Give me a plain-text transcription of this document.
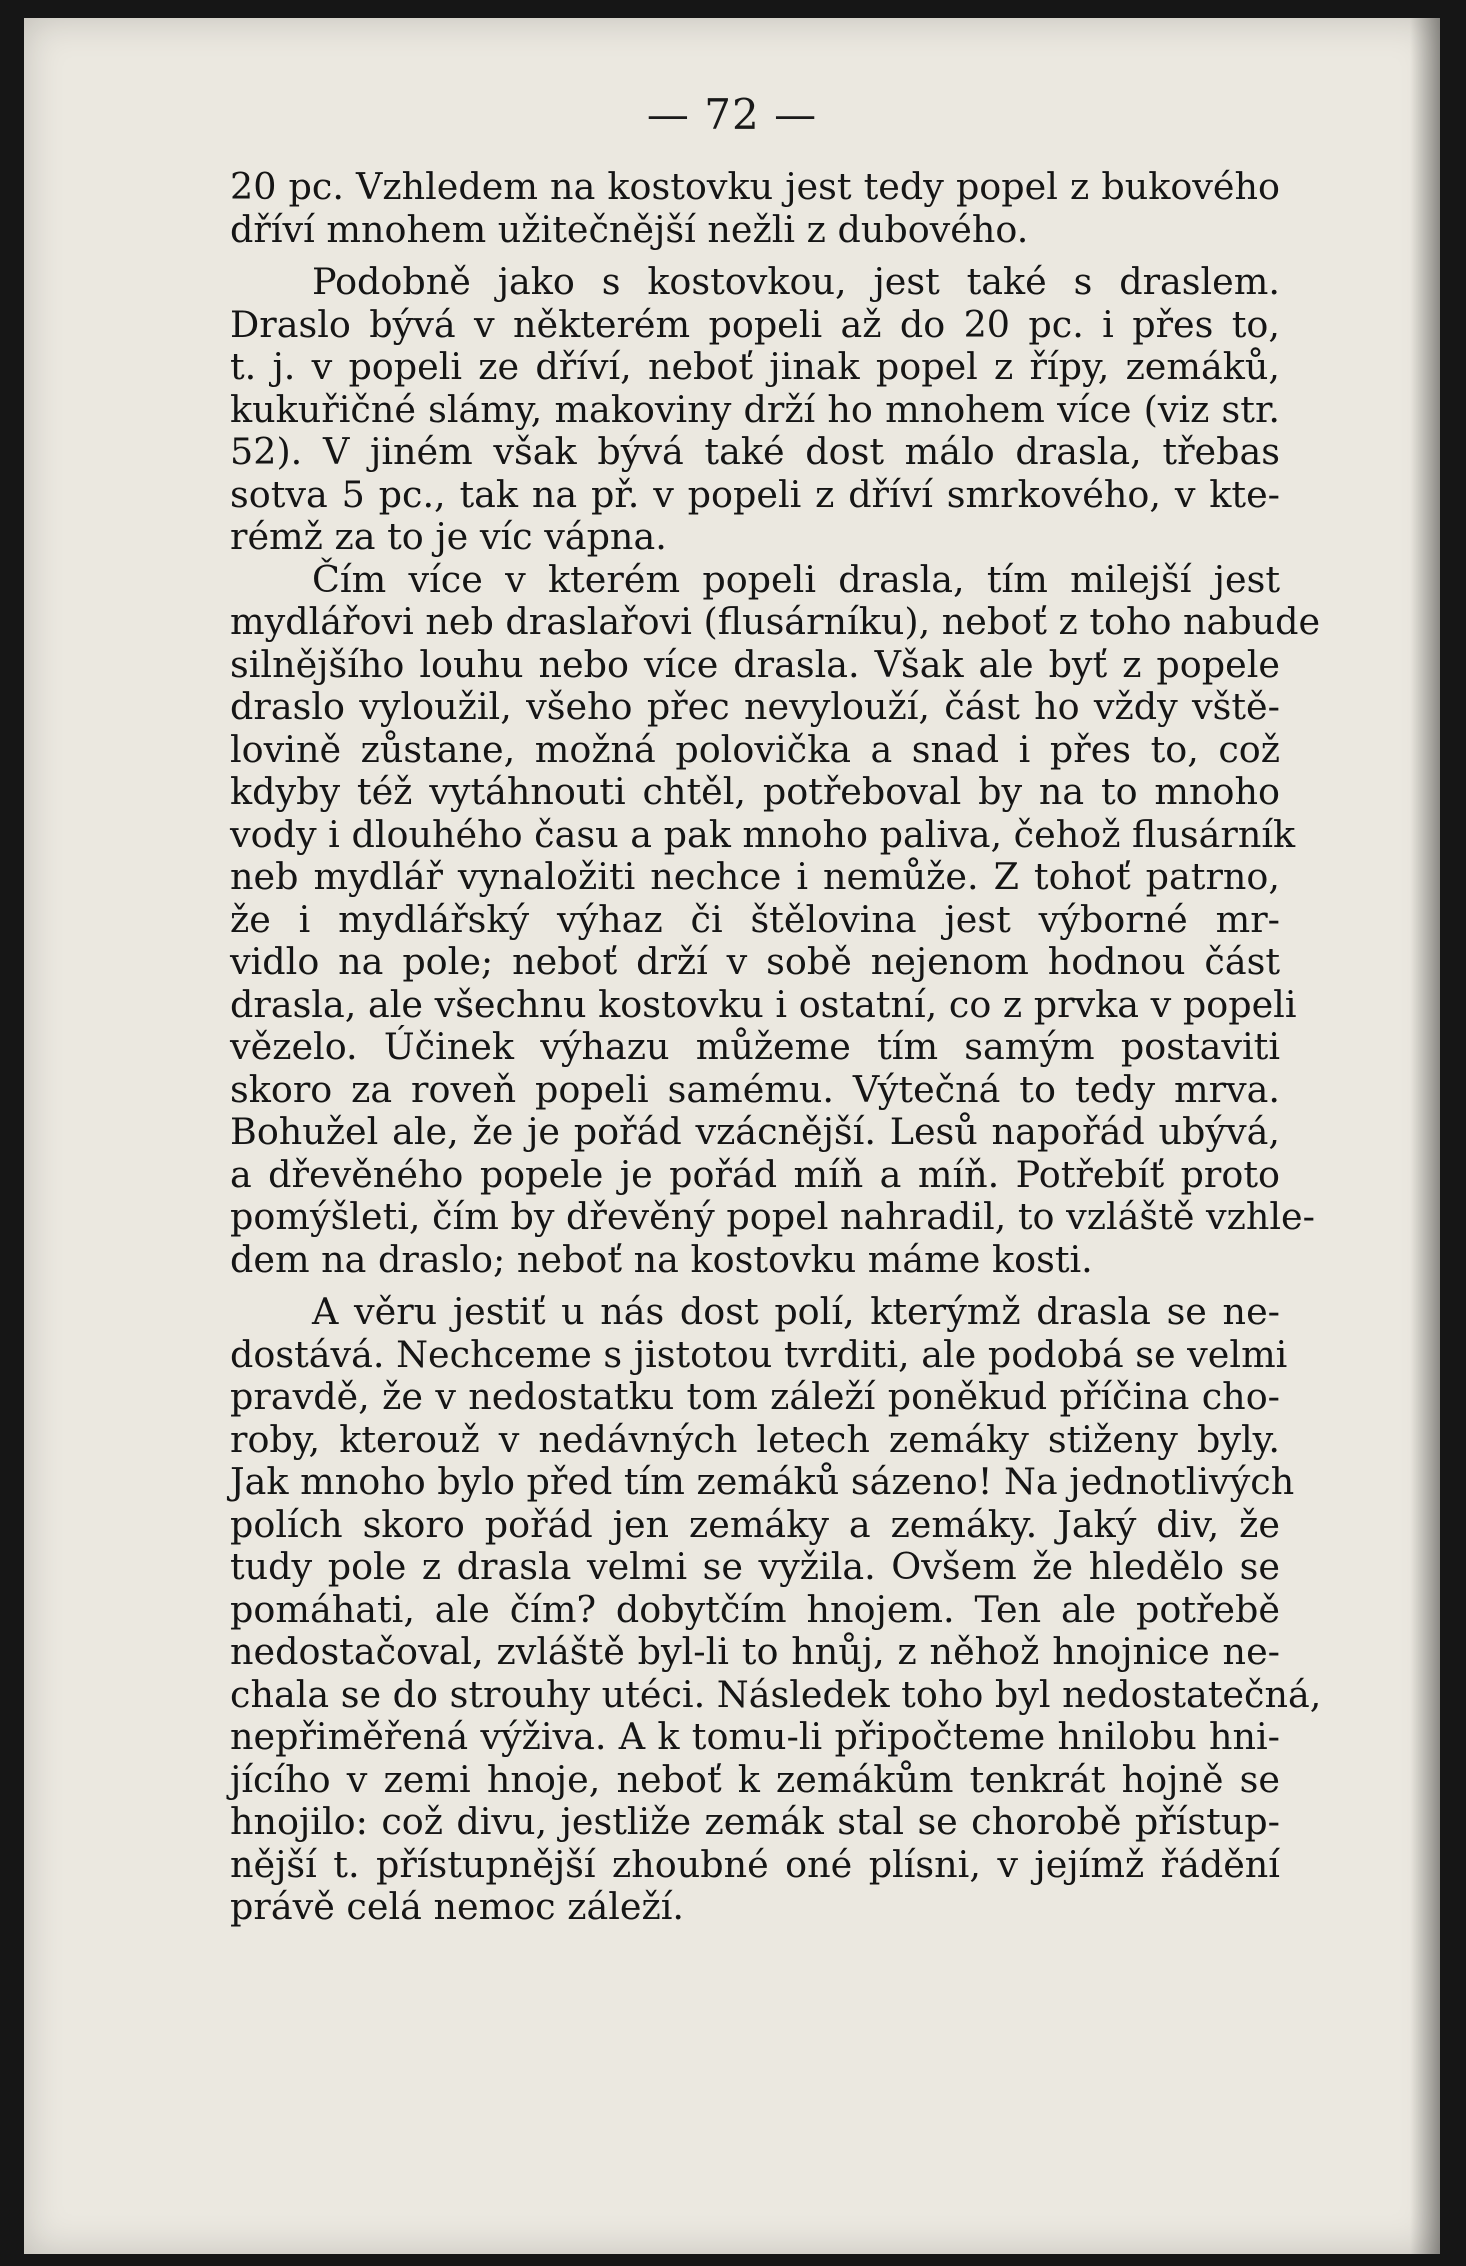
— 72 —
20 pc. Vzhledem na kostovku jest tedy popel z bukového
dříví mnohem užitečnější nežli z dubového.
Podobně jako s kostovkou, jest také s draslem.
Draslo bývá v některém popeli až do 20 pc. i přes to,
t. j. v popeli ze dříví, neboť jinak popel z řípy, zemáků,
kukuřičné slámy, makoviny drží ho mnohem více (viz str.
52). V jiném však bývá také dost málo drasla, třebas
sotva 5 pc., tak na př. v popeli z dříví smrkového, v kte-
rémž za to je víc vápna.
Čím více v kterém popeli drasla, tím milejší jest
mydlářovi neb draslařovi (flusárníku), neboť z toho nabude
silnějšího louhu nebo více drasla. Však ale byť z popele
draslo vyloužil, všeho přec nevylouží, část ho vždy vště-
lovině zůstane, možná polovička a snad i přes to, což
kdyby též vytáhnouti chtěl, potřeboval by na to mnoho
vody i dlouhého času a pak mnoho paliva, čehož flusárník
neb mydlář vynaložiti nechce i nemůže. Z tohoť patrno,
že i mydlářský výhaz či štělovina jest výborné mr-
vidlo na pole; neboť drží v sobě nejenom hodnou část
drasla, ale všechnu kostovku i ostatní, co z prvka v popeli
vězelo. Účinek výhazu můžeme tím samým postaviti
skoro za roveň popeli samému. Výtečná to tedy mrva.
Bohužel ale, že je pořád vzácnější. Lesů napořád ubývá,
a dřevěného popele je pořád míň a míň. Potřebíť proto
pomýšleti, čím by dřevěný popel nahradil, to vzláště vzhle-
dem na draslo; neboť na kostovku máme kosti.
A věru jestiť u nás dost polí, kterýmž drasla se ne-
dostává. Nechceme s jistotou tvrditi, ale podobá se velmi
pravdě, že v nedostatku tom záleží poněkud příčina cho-
roby, kterouž v nedávných letech zemáky stiženy byly.
Jak mnoho bylo před tím zemáků sázeno! Na jednotlivých
polích skoro pořád jen zemáky a zemáky. Jaký div, že
tudy pole z drasla velmi se vyžila. Ovšem že hledělo se
pomáhati, ale čím? dobytčím hnojem. Ten ale potřebě
nedostačoval, zvláště byl-li to hnůj, z něhož hnojnice ne-
chala se do strouhy utéci. Následek toho byl nedostatečná,
nepřiměřená výživa. A k tomu-li připočteme hnilobu hni-
jícího v zemi hnoje, neboť k zemákům tenkrát hojně se
hnojilo: což divu, jestliže zemák stal se chorobě přístup-
nější t. přístupnější zhoubné oné plísni, v jejímž řádění
právě celá nemoc záleží.
